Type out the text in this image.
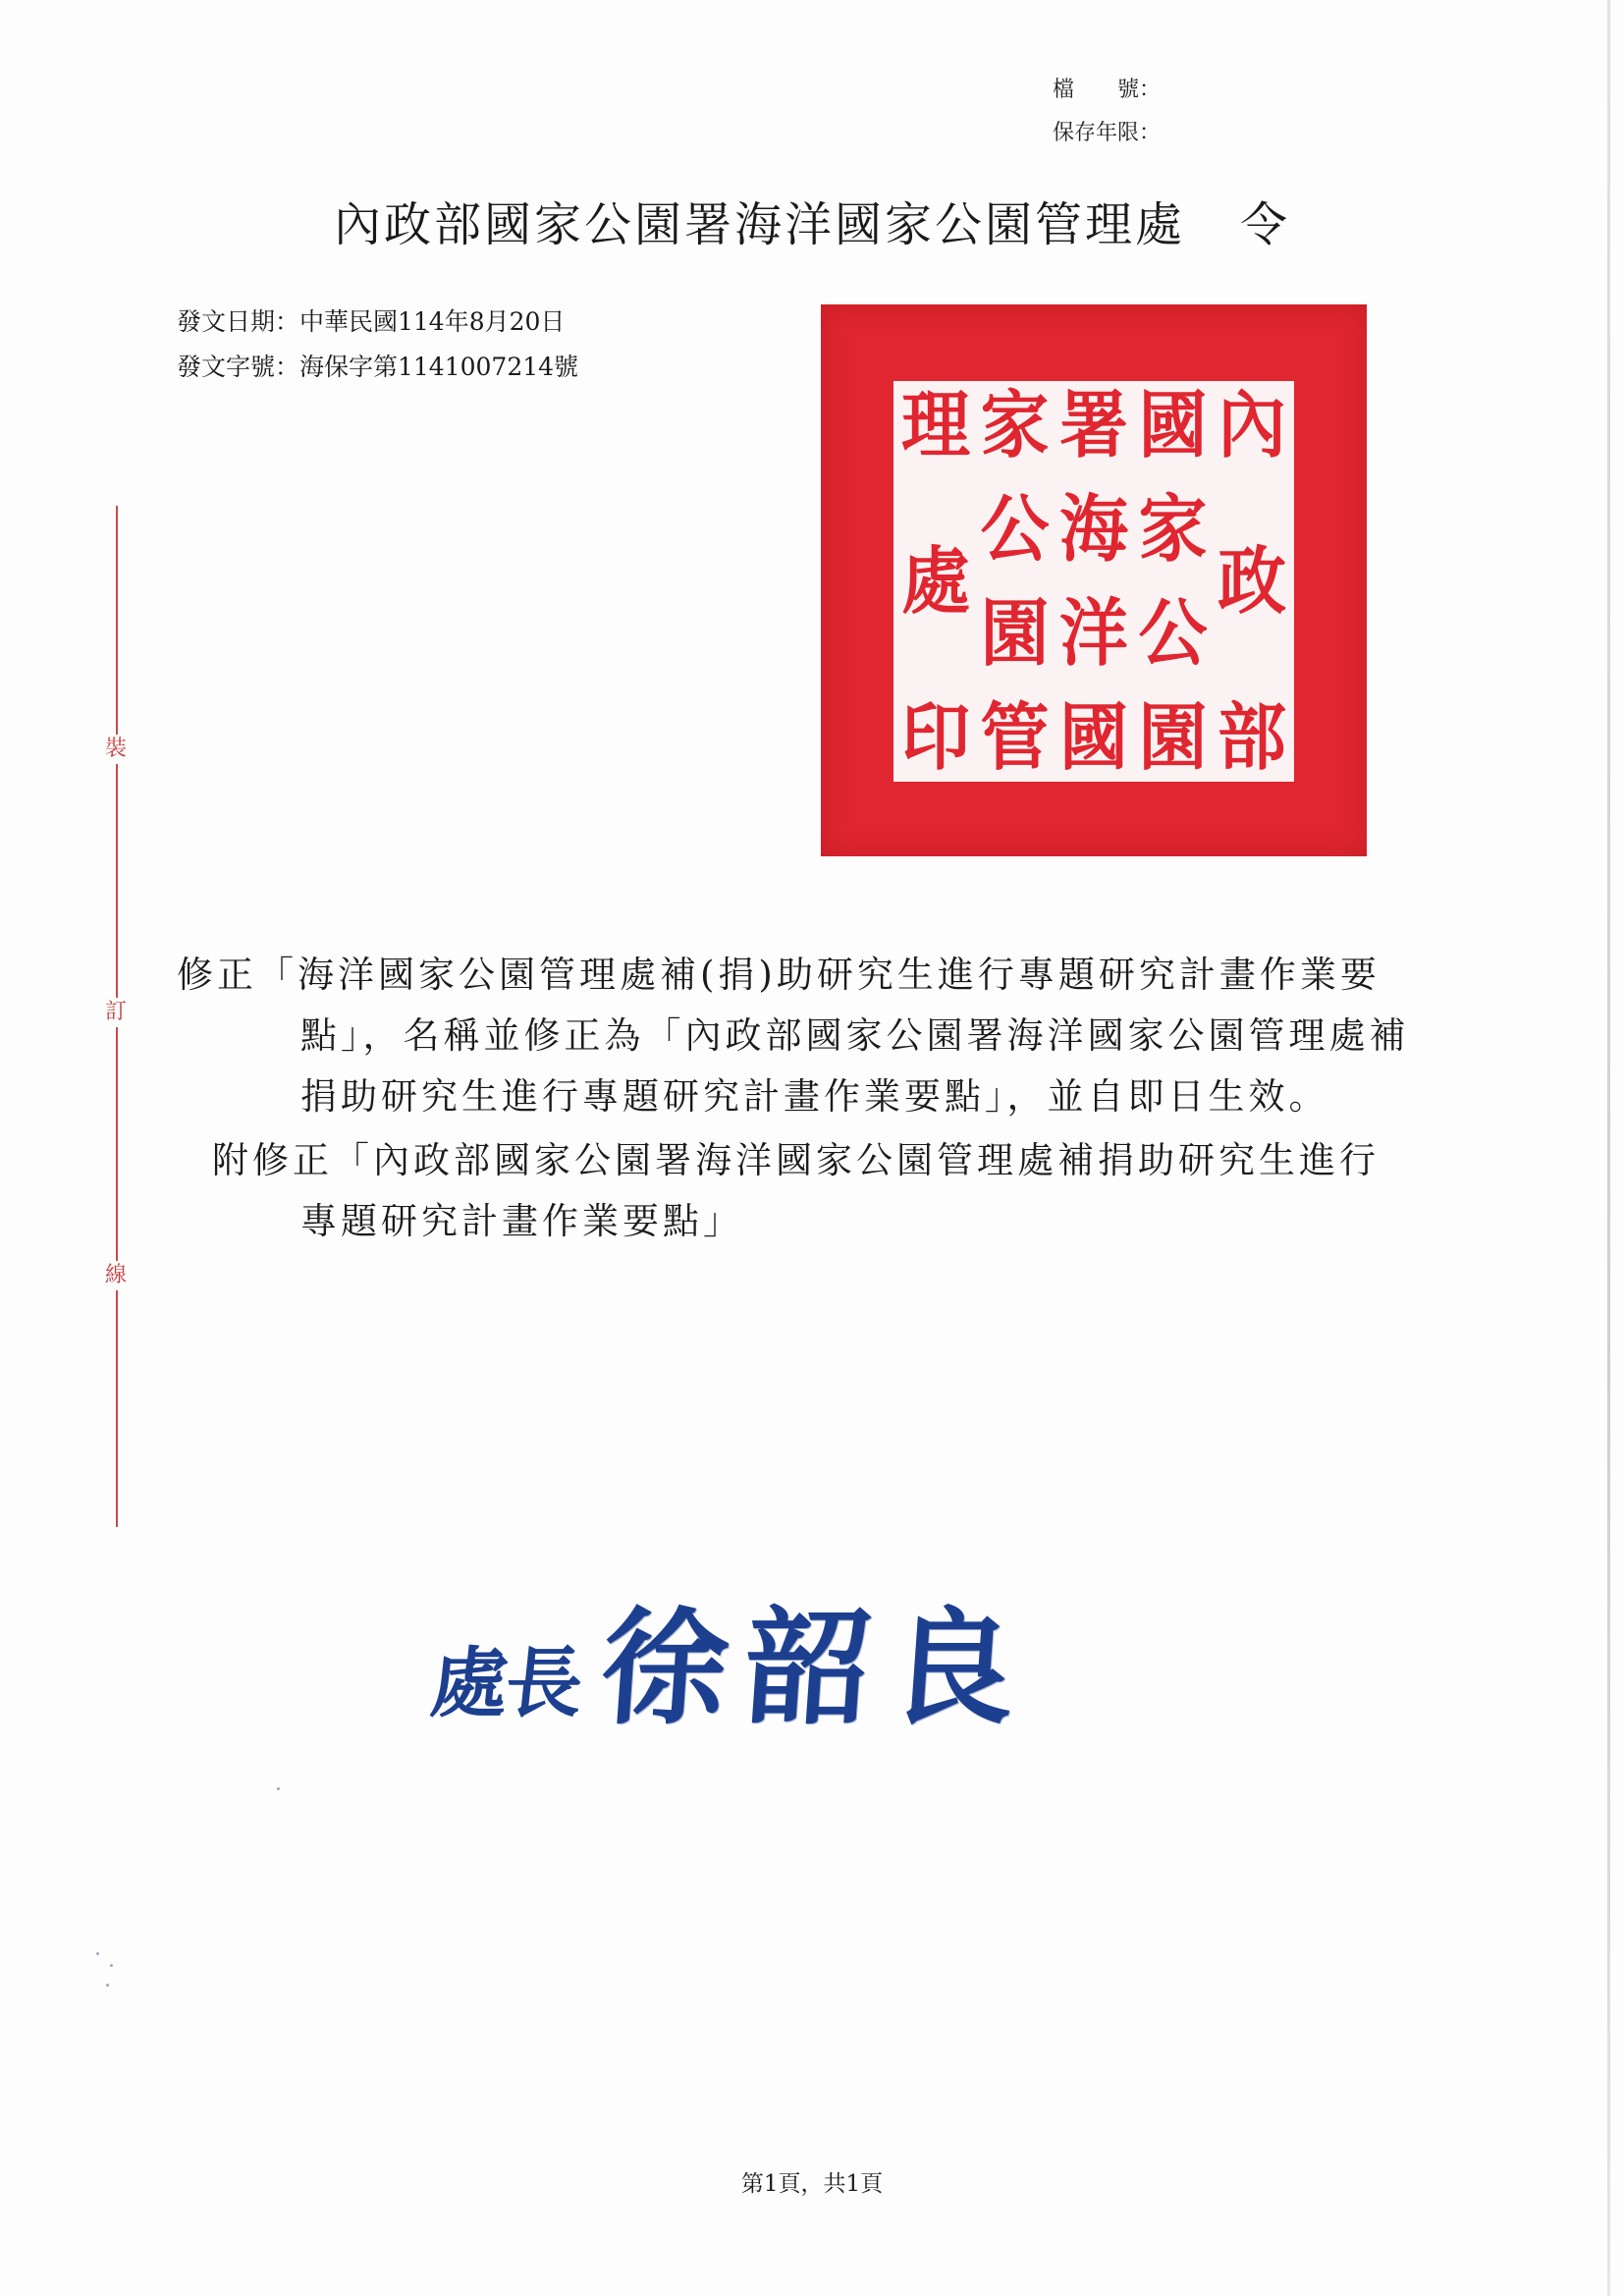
檔　　號：
保存年限：
內政部國家公園署海洋國家公園管理處 令
發文日期：中華民國114年8月20日
發文字號：海保字第1141007214號
裝
訂
線
內
政
部
國
家
公
園
署
海
洋
國
家
公
園
管
理
處
印

修正「海洋國家公園管理處補(捐)助研究生進行專題研究計畫作業要點」，名稱並修正為「內政部國家公園署海洋國家公園管理處補捐助研究生進行專題研究計畫作業要點」，並自即日生效。

附修正「內政部國家公園署海洋國家公園管理處補捐助研究生進行專題研究計畫作業要點」

處長 徐韶良
第1頁，共1頁
